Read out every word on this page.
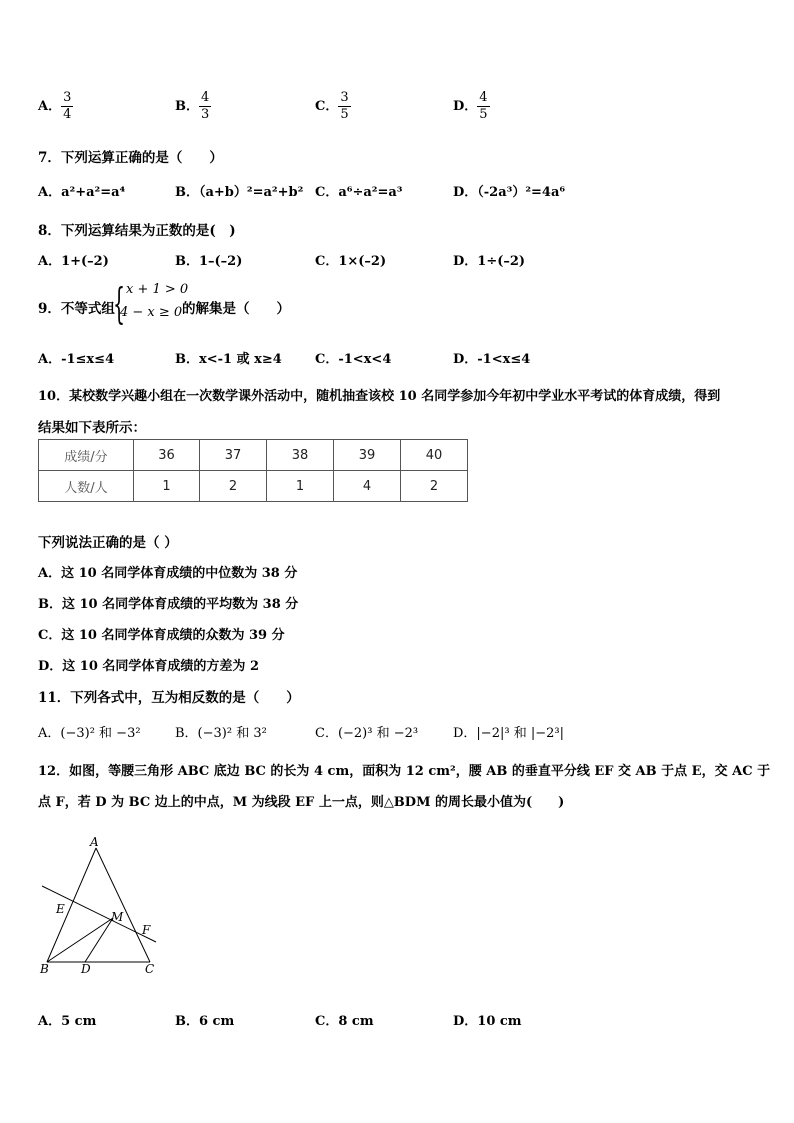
A． $\frac{3}{4}$	B． $\frac{4}{3}$	C． $\frac{3}{5}$	D． $\frac{4}{5}$
7．下列运算正确的是（　　）
A．a²+a²=a⁴	B．（a+b）²=a²+b² C．a⁶÷a²=a³	D．（-2a³）²=4a⁶
8．下列运算结果为正数的是(　)
A．1+(–2)	B．1–(–2)	C．1×(–2)	D．1÷(–2)
9．不等式组
{ x + 1 > 0
4 − x ≥ 0 的解集是（　　）
A．-1≤x≤4	B．x<-1 或 x≥4	C．-1<x<4	D．-1<x≤4
10．某校数学兴趣小组在一次数学课外活动中，随机抽查该校 10 名同学参加今年初中学业水平考试的体育成绩，得到
结果如下表所示：
成绩/分	36	37	38	39	40
人数/人	1	2	1	4	2
下列说法正确的是（ ）
A．这 10 名同学体育成绩的中位数为 38 分
B．这 10 名同学体育成绩的平均数为 38 分
C．这 10 名同学体育成绩的众数为 39 分
D．这 10 名同学体育成绩的方差为 2
11．下列各式中，互为相反数的是（　　）
A．(−3)² 和 −3²	B．(−3)² 和 3²	C．(−2)³ 和 −2³	D．|−2|³ 和 |−2³|
12．如图，等腰三角形 ABC 底边 BC 的长为 4 cm，面积为 12 cm²，腰 AB 的垂直平分线 EF 交 AB 于点 E，交 AC 于
点 F，若 D 为 BC 边上的中点，M 为线段 EF 上一点，则△BDM 的周长最小值为(　　)
A
B	C
D
E
F
M
A．5 cm	B．6 cm	C．8 cm	D．10 cm
